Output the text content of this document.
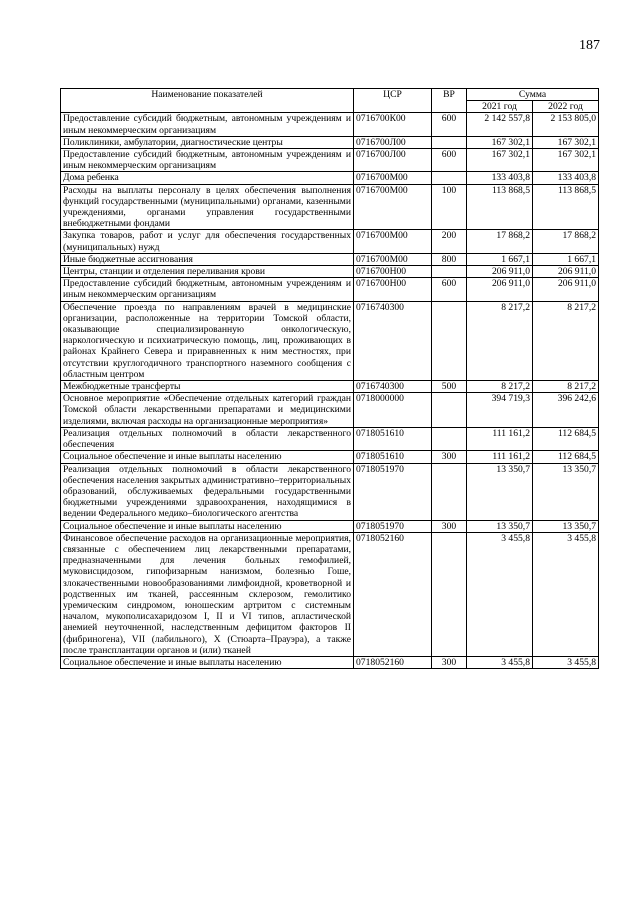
187
Наименование показателей	ЦСР	ВР	Сумма	
			2021 год	2022 год
Предоставление субсидий бюджетным, автономным учреждениям и иным некоммерческим организациям	0716700К00	600	2 142 557,8	2 153 805,0
Поликлиники, амбулатории, диагностические центры	0716700Л00		167 302,1	167 302,1
Предоставление субсидий бюджетным, автономным учреждениям и иным некоммерческим организациям	0716700Л00	600	167 302,1	167 302,1
Дома ребенка	0716700М00		133 403,8	133 403,8
Расходы на выплаты персоналу в целях обеспечения выполнения функций государственными (муниципальными) органами, казенными учреждениями, органами управления государственными внебюджетными фондами	0716700М00	100	113 868,5	113 868,5
Закупка товаров, работ и услуг для обеспечения государственных (муниципальных) нужд	0716700М00	200	17 868,2	17 868,2
Иные бюджетные ассигнования	0716700М00	800	1 667,1	1 667,1
Центры, станции и отделения переливания крови	0716700Н00		206 911,0	206 911,0
Предоставление субсидий бюджетным, автономным учреждениям и иным некоммерческим организациям	0716700Н00	600	206 911,0	206 911,0
Обеспечение проезда по направлениям врачей в медицинские организации, расположенные на территории Томской области, оказывающие специализированную онкологическую, наркологическую и психиатрическую помощь, лиц, проживающих в районах Крайнего Севера и приравненных к ним местностях, при отсутствии круглогодичного транспортного наземного сообщения с областным центром	0716740300		8 217,2	8 217,2
Межбюджетные трансферты	0716740300	500	8 217,2	8 217,2
Основное мероприятие «Обеспечение отдельных категорий граждан Томской области лекарственными препаратами и медицинскими изделиями, включая расходы на организационные мероприятия»	0718000000		394 719,3	396 242,6
Реализация отдельных полномочий в области лекарственного обеспечения	0718051610		111 161,2	112 684,5
Социальное обеспечение и иные выплаты населению	0718051610	300	111 161,2	112 684,5
Реализация отдельных полномочий в области лекарственного обеспечения населения закрытых административно–территориальных образований, обслуживаемых федеральными государственными бюджетными учреждениями здравоохранения, находящимися в ведении Федерального медико–биологического агентства	0718051970		13 350,7	13 350,7
Социальное обеспечение и иные выплаты населению	0718051970	300	13 350,7	13 350,7
Финансовое обеспечение расходов на организационные мероприятия, связанные с обеспечением лиц лекарственными препаратами, предназначенными для лечения больных гемофилией, муковисцидозом, гипофизарным нанизмом, болезнью Гоше, злокачественными новообразованиями лимфоидной, кроветворной и родственных им тканей, рассеянным склерозом, гемолитико уремическим синдромом, юношеским артритом с системным началом, мукополисахаридозом I, II и VI типов, апластической анемией неуточненной, наследственным дефицитом факторов II (фибриногена), VII (лабильного), X (Стюарта–Прауэра), а также после трансплантации органов и (или) тканей	0718052160		3 455,8	3 455,8
Социальное обеспечение и иные выплаты населению	0718052160	300	3 455,8	3 455,8
